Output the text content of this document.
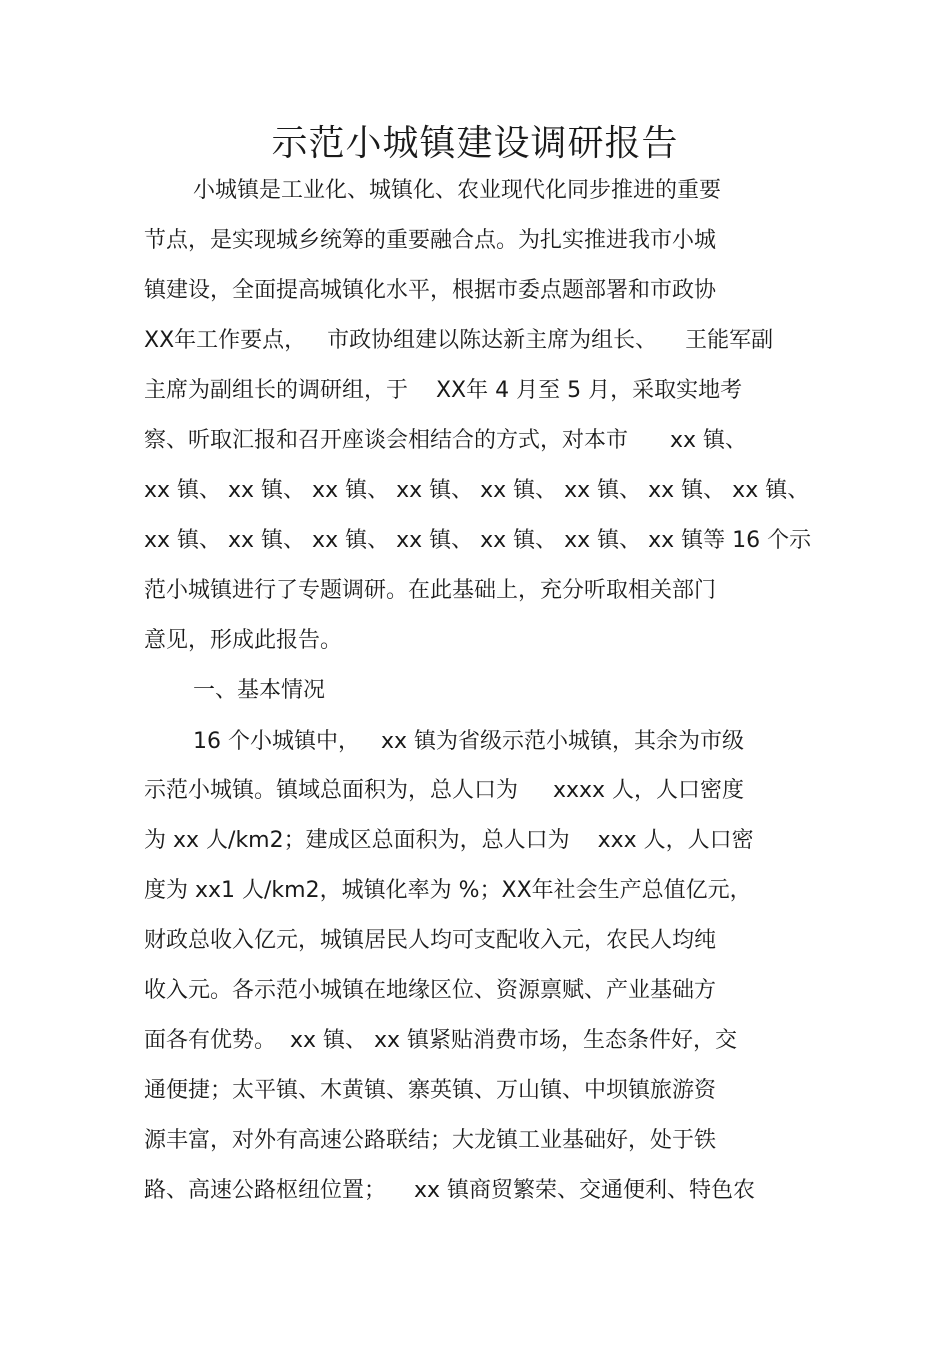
示范小城镇建设调研报告

小城镇是工业化、城镇化、农业现代化同步推进的重要

节点，是实现城乡统筹的重要融合点。为扎实推进我市小城

镇建设，全面提高城镇化水平，根据市委点题部署和市政协

XX年工作要点，   市政协组建以陈达新主席为组长、    王能军副

主席为副组长的调研组，于    XX年 4 月至 5 月，采取实地考

察、听取汇报和召开座谈会相结合的方式，对本市      xx 镇、

xx 镇、 xx 镇、 xx 镇、 xx 镇、 xx 镇、 xx 镇、 xx 镇、 xx 镇、

xx 镇、 xx 镇、 xx 镇、 xx 镇、 xx 镇、 xx 镇、 xx 镇等 16 个示

范小城镇进行了专题调研。在此基础上，充分听取相关部门

意见，形成此报告。

一、基本情况

16 个小城镇中，   xx 镇为省级示范小城镇，其余为市级

示范小城镇。镇域总面积为，总人口为     xxxx 人，人口密度

为 xx 人/km2；建成区总面积为，总人口为    xxx 人，人口密

度为 xx1 人/km2，城镇化率为 %；XX年社会生产总值亿元，

财政总收入亿元，城镇居民人均可支配收入元，农民人均纯

收入元。各示范小城镇在地缘区位、资源禀赋、产业基础方

面各有优势。  xx 镇、 xx 镇紧贴消费市场，生态条件好，交

通便捷；太平镇、木黄镇、寨英镇、万山镇、中坝镇旅游资

源丰富，对外有高速公路联结；大龙镇工业基础好，处于铁

路、高速公路枢纽位置；    xx 镇商贸繁荣、交通便利、特色农
